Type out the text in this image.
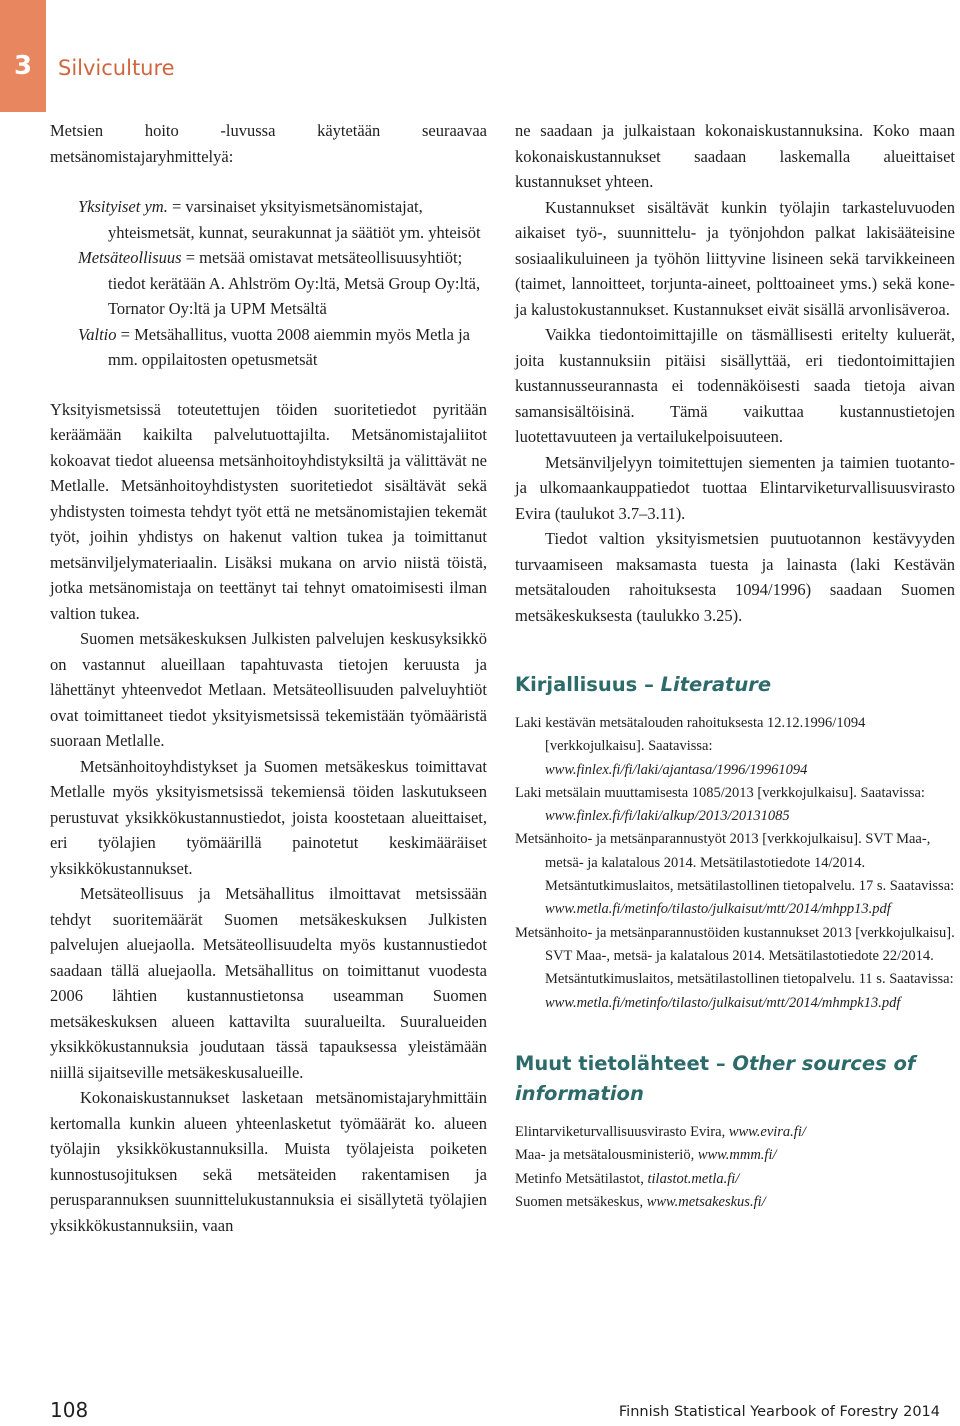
3 Silviculture

Metsien hoito -luvussa käytetään seuraavaa metsänomistajaryhmittelyä:

Yksityiset ym. = varsinaiset yksityismetsänomistajat, yhteismetsät, kunnat, seurakunnat ja säätiöt ym. yhteisöt

Metsäteollisuus = metsää omistavat metsäteollisuusyhtiöt; tiedot kerätään A. Ahlström Oy:ltä, Metsä Group Oy:ltä, Tornator Oy:ltä ja UPM Metsältä

Valtio = Metsähallitus, vuotta 2008 aiemmin myös Metla ja mm. oppilaitosten opetusmetsät

Yksityismetsissä toteutettujen töiden suoritetiedot pyritään keräämään kaikilta palvelutuottajilta. Metsänomistajaliitot kokoavat tiedot alueensa metsänhoitoyhdistyksiltä ja välittävät ne Metlalle. Metsänhoitoyhdistysten suoritetiedot sisältävät sekä yhdistysten toimesta tehdyt työt että ne metsänomistajien tekemät työt, joihin yhdistys on hakenut valtion tukea ja toimittanut metsänviljelymateriaalin. Lisäksi mukana on arvio niistä töistä, jotka metsänomistaja on teettänyt tai tehnyt omatoimisesti ilman valtion tukea.

Suomen metsäkeskuksen Julkisten palvelujen keskusyksikkö on vastannut alueillaan tapahtuvasta tietojen keruusta ja lähettänyt yhteenvedot Metlaan. Metsäteollisuuden palveluyhtiöt ovat toimittaneet tiedot yksityismetsissä tekemistään työmääristä suoraan Metlalle.

Metsänhoitoyhdistykset ja Suomen metsäkeskus toimittavat Metlalle myös yksityismetsissä tekemiensä töiden laskutukseen perustuvat yksikkökustannustiedot, joista koostetaan alueittaiset, eri työlajien työmäärillä painotetut keskimääräiset yksikkökustannukset.

Metsäteollisuus ja Metsähallitus ilmoittavat metsissään tehdyt suoritemäärät Suomen metsäkeskuksen Julkisten palvelujen aluejaolla. Metsäteollisuudelta myös kustannustiedot saadaan tällä aluejaolla. Metsähallitus on toimittanut vuodesta 2006 lähtien kustannustietonsa useamman Suomen metsäkeskuksen alueen kattavilta suuralueilta. Suuralueiden yksikkökustannuksia joudutaan tässä tapauksessa yleistämään niillä sijaitseville metsäkeskusalueille.

Kokonaiskustannukset lasketaan metsänomistajaryhmittäin kertomalla kunkin alueen yhteenlasketut työmäärät ko. alueen työlajin yksikkökustannuksilla. Muista työlajeista poiketen kunnostusojituksen sekä metsäteiden rakentamisen ja perusparannuksen suunnittelukustannuksia ei sisällytetä työlajien yksikkökustannuksiin, vaan

ne saadaan ja julkaistaan kokonaiskustannuksina. Koko maan kokonaiskustannukset saadaan laskemalla alueittaiset kustannukset yhteen.

Kustannukset sisältävät kunkin työlajin tarkasteluvuoden aikaiset työ-, suunnittelu- ja työnjohdon palkat lakisääteisine sosiaalikuluineen ja työhön liittyvine lisineen sekä tarvikkeineen (taimet, lannoitteet, torjunta-aineet, polttoaineet yms.) sekä kone- ja kalustokustannukset. Kustannukset eivät sisällä arvonlisäveroa.

Vaikka tiedontoimittajille on täsmällisesti eritelty kuluerät, joita kustannuksiin pitäisi sisällyttää, eri tiedontoimittajien kustannusseurannasta ei todennäköisesti saada tietoja aivan samansisältöisinä. Tämä vaikuttaa kustannustietojen luotettavuuteen ja vertailukelpoisuuteen.

Metsänviljelyyn toimitettujen siementen ja taimien tuotanto- ja ulkomaankauppatiedot tuottaa Elintarviketurvallisuusvirasto Evira (taulukot 3.7–3.11).

Tiedot valtion yksityismetsien puutuotannon kestävyyden turvaamiseen maksamasta tuesta ja lainasta (laki Kestävän metsätalouden rahoituksesta 1094/1996) saadaan Suomen metsäkeskuksesta (taulukko 3.25).

Kirjallisuus – Literature

Laki kestävän metsätalouden rahoituksesta 12.12.1996/1094 [verkkojulkaisu]. Saatavissa: www.finlex.fi/fi/laki/ajantasa/1996/19961094

Laki metsälain muuttamisesta 1085/2013 [verkkojulkaisu]. Saatavissa: www.finlex.fi/fi/laki/alkup/2013/20131085

Metsänhoito- ja metsänparannustyöt 2013 [verkkojulkaisu]. SVT Maa-, metsä- ja kalatalous 2014. Metsätilastotiedote 14/2014. Metsäntutkimuslaitos, metsätilastollinen tietopalvelu. 17 s. Saatavissa: www.metla.fi/metinfo/tilasto/julkaisut/mtt/2014/mhpp13.pdf

Metsänhoito- ja metsänparannustöiden kustannukset 2013 [verkkojulkaisu]. SVT Maa-, metsä- ja kalatalous 2014. Metsätilastotiedote 22/2014. Metsäntutkimuslaitos, metsätilastollinen tietopalvelu. 11 s. Saatavissa: www.metla.fi/metinfo/tilasto/julkaisut/mtt/2014/mhmpk13.pdf

Muut tietolähteet – Other sources of information

Elintarviketurvallisuusvirasto Evira, www.evira.fi/

Maa- ja metsätalousministeriö, www.mmm.fi/

Metinfo Metsätilastot, tilastot.metla.fi/

Suomen metsäkeskus, www.metsakeskus.fi/

108	Finnish Statistical Yearbook of Forestry 2014
